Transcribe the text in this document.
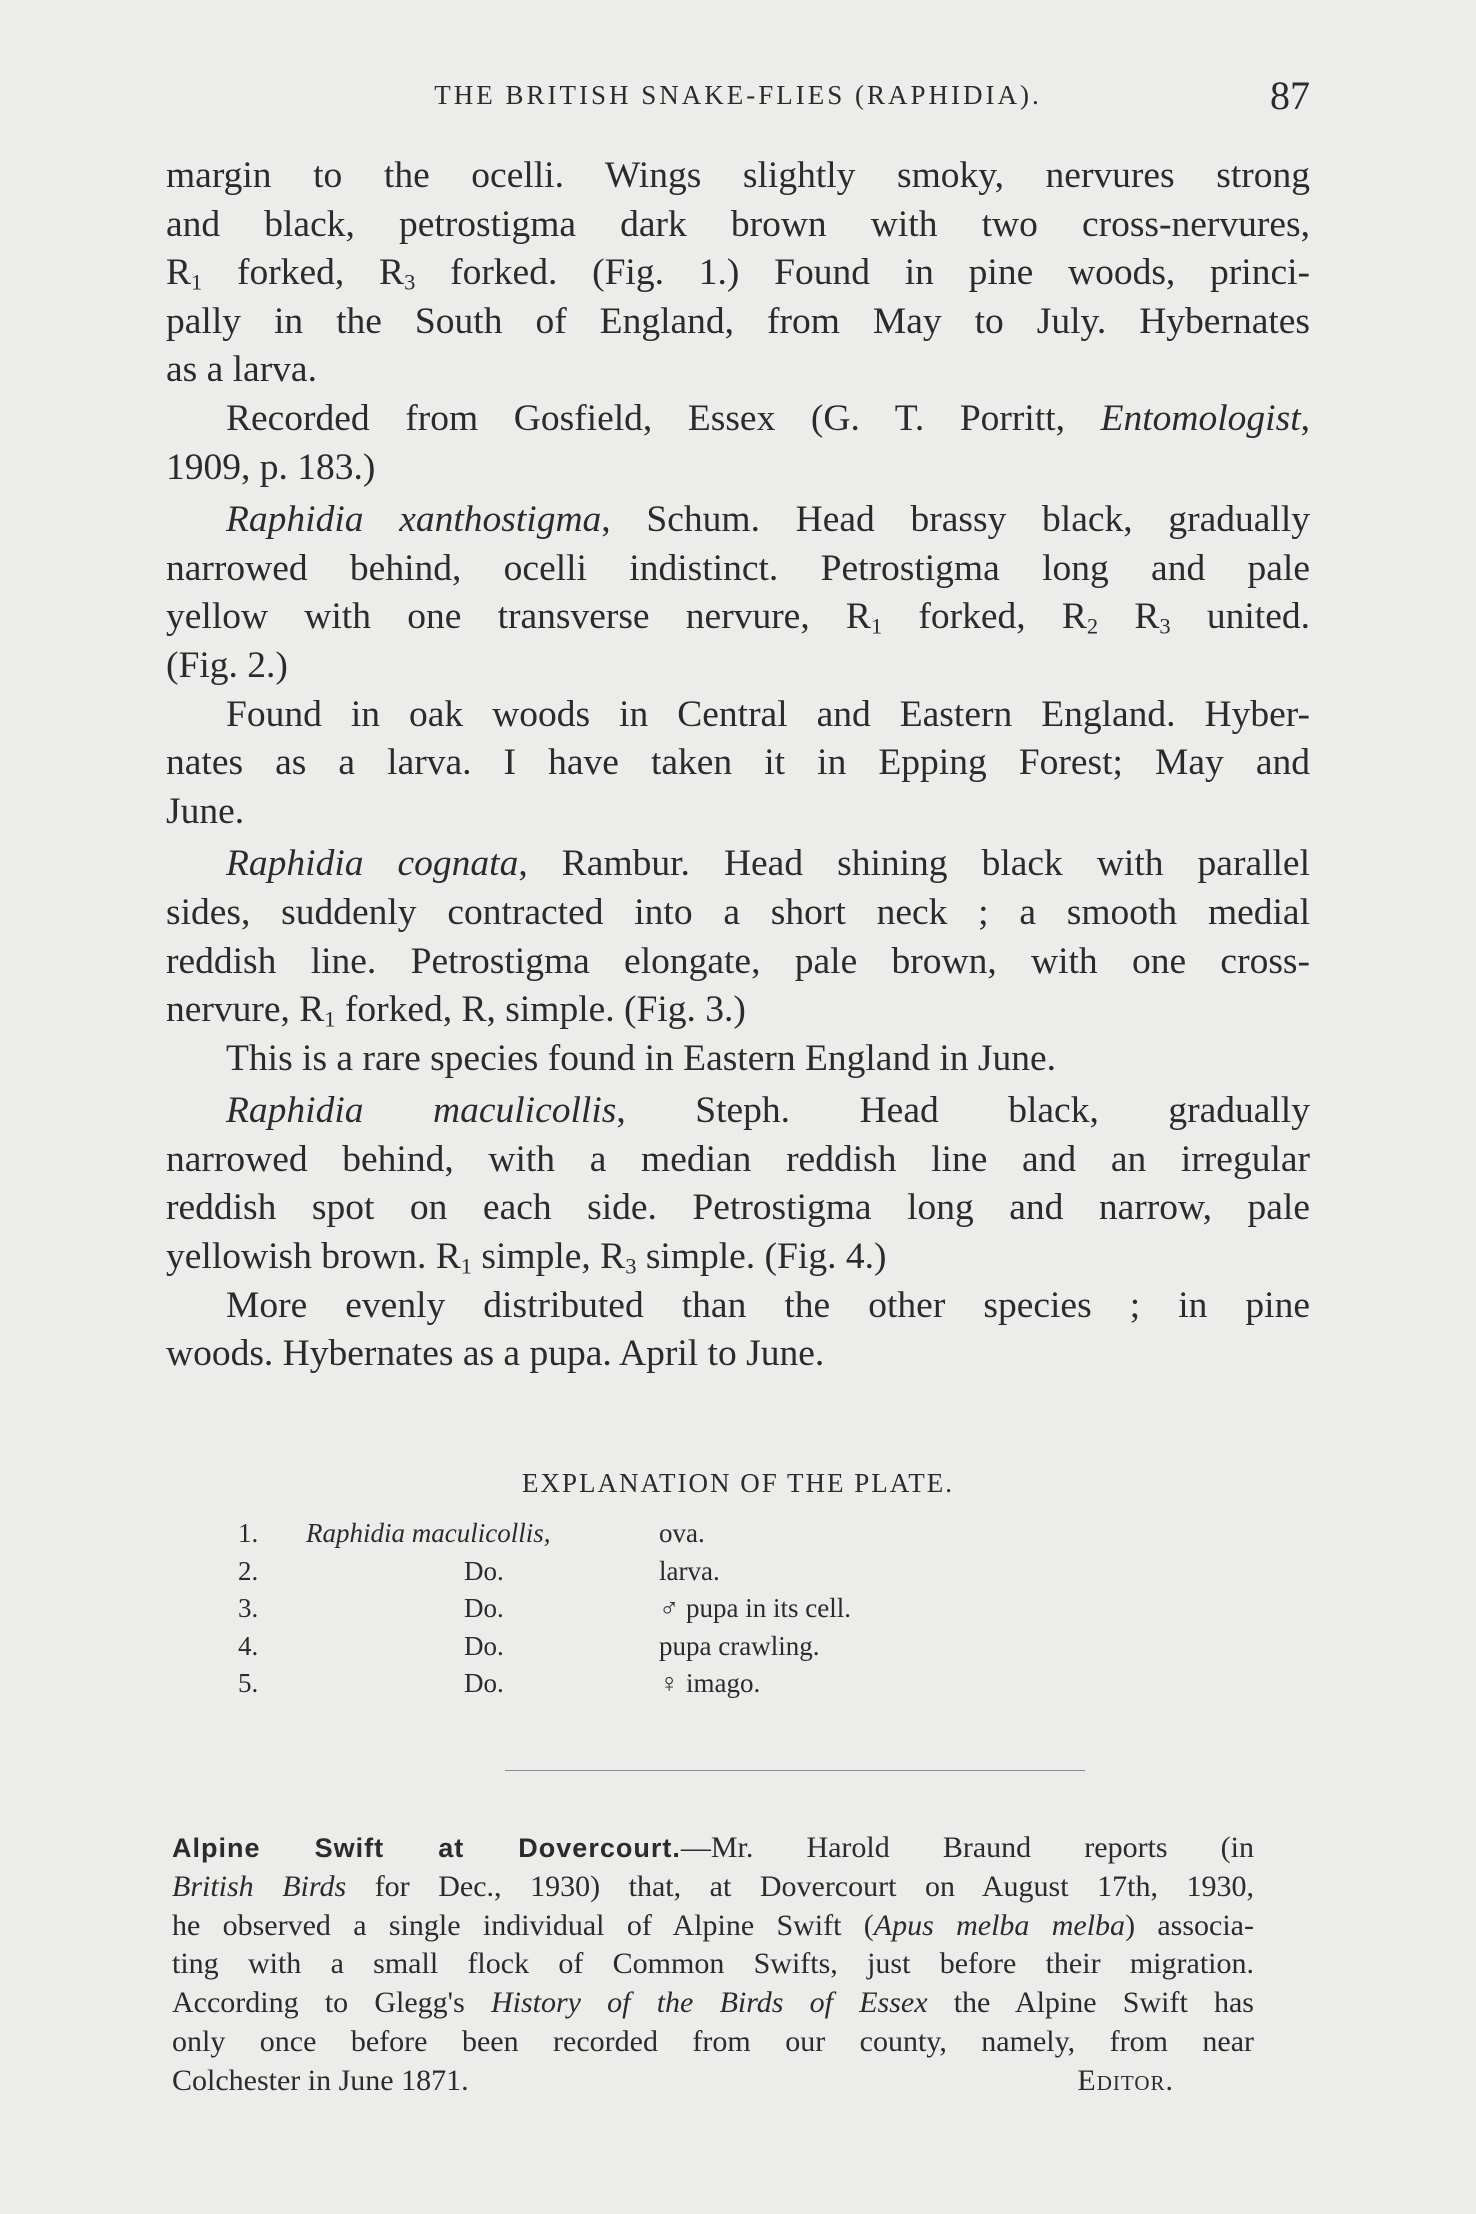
THE BRITISH SNAKE-FLIES (RAPHIDIA).	87

margin to the ocelli. Wings slightly smoky, nervures strong
and black, petrostigma dark brown with two cross-nervures,
$R_1$ forked, $R_3$ forked. (Fig. 1.) Found in pine woods, princi-
pally in the South of England, from May to July. Hybernates
as a larva.

Recorded from Gosfield, Essex (G. T. Porritt, Entomologist,
1909, p. 183.)

Raphidia xanthostigma, Schum. Head brassy black, gradually
narrowed behind, ocelli indistinct. Petrostigma long and pale
yellow with one transverse nervure, $R_1$ forked, $R_2$ $R_3$ united.
(Fig. 2.)

Found in oak woods in Central and Eastern England. Hyber-
nates as a larva. I have taken it in Epping Forest; May and
June.

Raphidia cognata, Rambur. Head shining black with parallel
sides, suddenly contracted into a short neck ; a smooth medial
reddish line. Petrostigma elongate, pale brown, with one cross-
nervure, $R_1$ forked, R, simple. (Fig. 3.)

This is a rare species found in Eastern England in June.

Raphidia maculicollis, Steph. Head black, gradually
narrowed behind, with a median reddish line and an irregular
reddish spot on each side. Petrostigma long and narrow, pale
yellowish brown. $R_1$ simple, $R_3$ simple. (Fig. 4.)

More evenly distributed than the other species ; in pine
woods. Hybernates as a pupa. April to June.

EXPLANATION OF THE PLATE.
1. Raphidia maculicollis,	ova.
2.	Do.	larva.
3.	Do.	♂ pupa in its cell.
4.	Do.	pupa crawling.
5.	Do.	♀ imago.
Alpine Swift at Dovercourt.—Mr. Harold Braund reports (in
British Birds for Dec., 1930) that, at Dovercourt on August 17th, 1930,
he observed a single individual of Alpine Swift (Apus melba melba) associa-
ting with a small flock of Common Swifts, just before their migration.
According to Glegg's History of the Birds of Essex the Alpine Swift has
only once before been recorded from our county, namely, from near
Colchester in June 1871.	Editor.
